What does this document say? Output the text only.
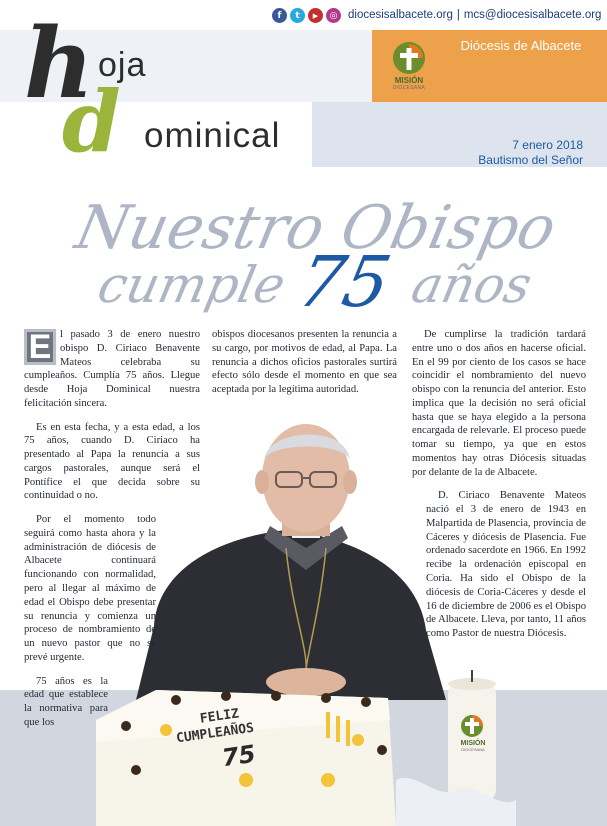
f	t	▶	◎ diocesisalbacete.org | mcs@diocesisalbacete.org
MISIÓN
DIOCESANA
Diócesis de Albacete
h oja
d ominical	7 enero 2018
Bautismo del Señor
Nuestro Obispo
cumple 75 años
FELIZ
CUMPLEAÑOS
75	MISIÓN
DIOCESANA

E l pasado 3 de enero nuestro obispo D. Ciriaco Benavente Mateos celebraba su cumpleaños. Cumplía 75 años. Llegue desde Hoja Dominical nuestra felicitación sincera.

Es en esta fecha, y a esta edad, a los 75 años, cuando D. Ciriaco ha presentado al Papa la renuncia a sus cargos pastorales, aunque será el Pontífice el que decida sobre su continuidad o no.

Por el momento todo seguirá como hasta ahora y la administración de diócesis de Albacete continuará funcionando con normalidad, pero al llegar al máximo de edad el Obispo debe presentar su renuncia y comienza un proceso de nombramiento de un nuevo pastor que no se prevé urgente.

75 años es la edad que establece la normativa para que los

obispos diocesanos presenten la renuncia a su cargo, por motivos de edad, al Papa. La renuncia a dichos oficios pastorales surtirá efecto sólo desde el momento en que sea aceptada por la legítima autoridad.

De cumplirse la tradición tardará entre uno o dos años en hacerse oficial. En el 99 por ciento de los casos se hace coincidir el nombramiento del nuevo obispo con la renuncia del anterior. Esto implica que la decisión no será oficial hasta que se haya elegido a la persona encargada de relevarle. El proceso puede tomar su tiempo, ya que en estos momentos hay otras Diócesis situadas por delante de la de Albacete.

D. Ciriaco Benavente Mateos nació el 3 de enero de 1943 en Malpartida de Plasencia, provincia de Cáceres y diócesis de Plasencia. Fue ordenado sacerdote en 1966. En 1992 recibe la ordenación episcopal en Coria. Ha sido el Obispo de la diócesis de Coria-Cáceres y desde el 16 de diciembre de 2006 es el Obispo de Albacete. Lleva, por tanto, 11 años como Pastor de nuestra Diócesis.
